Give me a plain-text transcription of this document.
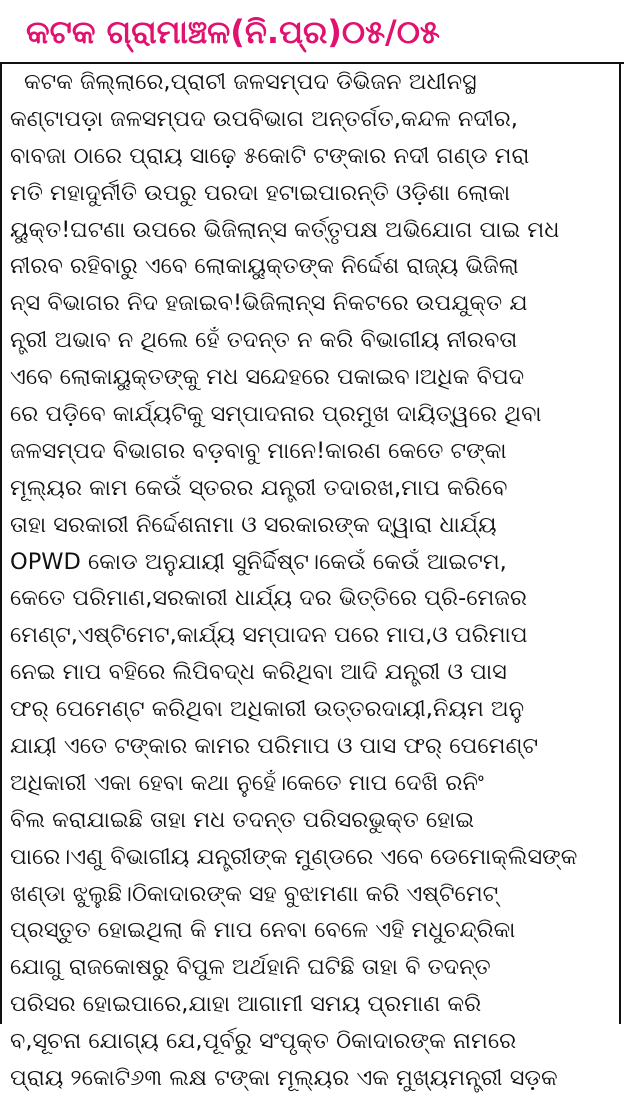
କଟକ ଗ୍ରାମାଞ୍ଚଳ(ନି.ପ୍ର)୦୫/୦୫
କଟକ ଜିଲ୍ଲାରେ,ପ୍ରାଚୀ ଜଳସମ୍ପଦ ଡିଭିଜନ ଅଧୀନସ୍ଥ
କଣ୍ଟାପଡ଼ା ଜଳସମ୍ପଦ ଉପବିଭାଗ ଅନ୍ତର୍ଗତ,କନ୍ଦଳ ନଦୀର,
ବାବଜା ଠାରେ ପ୍ରାୟ ସାଢ଼େ ୫କୋଟି ଟଙ୍କାର ନଦୀ ଗଣ୍ଡ ମରା
ମତି ମହାଦୁର୍ନୀତି ଉପରୁ ପରଦା ହଟାଇପାରନ୍ତି ଓଡ଼ିଶା ଲୋକା
ୟୁକ୍ତ!ଘଟଣା ଉପରେ ଭିଜିଲାନ୍ସ କର୍ତ୍ତୃପକ୍ଷ ଅଭିଯୋଗ ପାଇ ମଧ
ନୀରବ ରହିବାରୁ ଏବେ ଲୋକାୟୁକ୍ତଙ୍କ ନିର୍ଦ୍ଦେଶ ରାଜ୍ୟ ଭିଜିଲା
ନ୍ସ ବିଭାଗର ନିଦ ହଜାଇବ!ଭିଜିଲାନ୍ସ ନିକଟରେ ଉପଯୁକ୍ତ ଯ
ନ୍ତ୍ରୀ ଅଭାବ ନ ଥିଲେ ହେଁ ତଦନ୍ତ ନ କରି ବିଭାଗୀୟ ନୀରବତା
ଏବେ ଲୋକାୟୁକ୍ତଙ୍କୁ ମଧ ସନ୍ଦେହରେ ପକାଇବ।ଅଧିକ ବିପଦ
ରେ ପଡ଼ିବେ କାର୍ଯ୍ୟଟିକୁ ସମ୍ପାଦନାର ପ୍ରମୁଖ ଦାୟିତ୍ୱରେ ଥିବା
ଜଳସମ୍ପଦ ବିଭାଗର ବଡ଼ବାବୁ ମାନେ!କାରଣ କେତେ ଟଙ୍କା
ମୂଲ୍ୟର କାମ କେଉଁ ସ୍ତରର ଯନ୍ତ୍ରୀ ତଦାରଖ,ମାପ କରିବେ
ତାହା ସରକାରୀ ନିର୍ଦ୍ଦେଶନାମା ଓ ସରକାରଙ୍କ ଦ୍ୱାରା ଧାର୍ଯ୍ୟ
OPWD କୋଡ ଅନୁଯାୟୀ ସୁନିର୍ଦ୍ଦିଷ୍ଟ।କେଉଁ କେଉଁ ଆଇଟମ,
କେତେ ପରିମାଣ,ସରକାରୀ ଧାର୍ଯ୍ୟ ଦର ଭିତ୍ତିରେ ପ୍ରି-ମେଜର
ମେଣ୍ଟ,ଏଷ୍ଟିମେଟ,କାର୍ଯ୍ୟ ସମ୍ପାଦନ ପରେ ମାପ,ଓ ପରିମାପ
ନେଇ ମାପ ବହିରେ ଲିପିବଦ୍ଧ କରିଥିବା ଆଦି ଯନ୍ତ୍ରୀ ଓ ପାସ
ଫର୍ ପେମେଣ୍ଟ କରିଥିବା ଅଧିକାରୀ ଉତ୍ତରଦାୟୀ,ନିୟମ ଅନୁ
ଯାୟୀ ଏତେ ଟଙ୍କାର କାମର ପରିମାପ ଓ ପାସ ଫର୍ ପେମେଣ୍ଟ
ଅଧିକାରୀ ଏକା ହେବା କଥା ନୁହେଁ।କେତେ ମାପ ଦେଖି ରନିଂ
ବିଲ କରାଯାଇଛି ତାହା ମଧ ତଦନ୍ତ ପରିସରଭୁକ୍ତ ହୋଇ
ପାରେ।ଏଣୁ ବିଭାଗୀୟ ଯନ୍ତ୍ରୀଙ୍କ ମୁଣ୍ଡରେ ଏବେ ଡେମୋକ୍ଲିସଙ୍କ
ଖଣ୍ଡା ଝୁଲୁଛି।ଠିକାଦାରଙ୍କ ସହ ବୁଝାମଣା କରି ଏଷ୍ଟିମେଟ୍
ପ୍ରସ୍ତୁତ ହୋଇଥିଲା କି ମାପ ନେବା ବେଳେ ଏହି ମଧୁଚନ୍ଦ୍ରିକା
ଯୋଗୁ ରାଜକୋଷରୁ ବିପୁଳ ଅର୍ଥହାନି ଘଟିଛି ତାହା ବି ତଦନ୍ତ
ପରିସର ହୋଇପାରେ,ଯାହା ଆଗାମୀ ସମୟ ପ୍ରମାଣ କରି
ବ,ସୂଚନା ଯୋଗ୍ୟ ଯେ,ପୂର୍ବରୁ ସଂପୃକ୍ତ ଠିକାଦାରଙ୍କ ନାମରେ
ପ୍ରାୟ ୨କୋଟି୬୩ ଲକ୍ଷ ଟଙ୍କା ମୂଲ୍ୟର ଏକ ମୁଖ୍ୟମନ୍ତ୍ରୀ ସଡ଼କ
